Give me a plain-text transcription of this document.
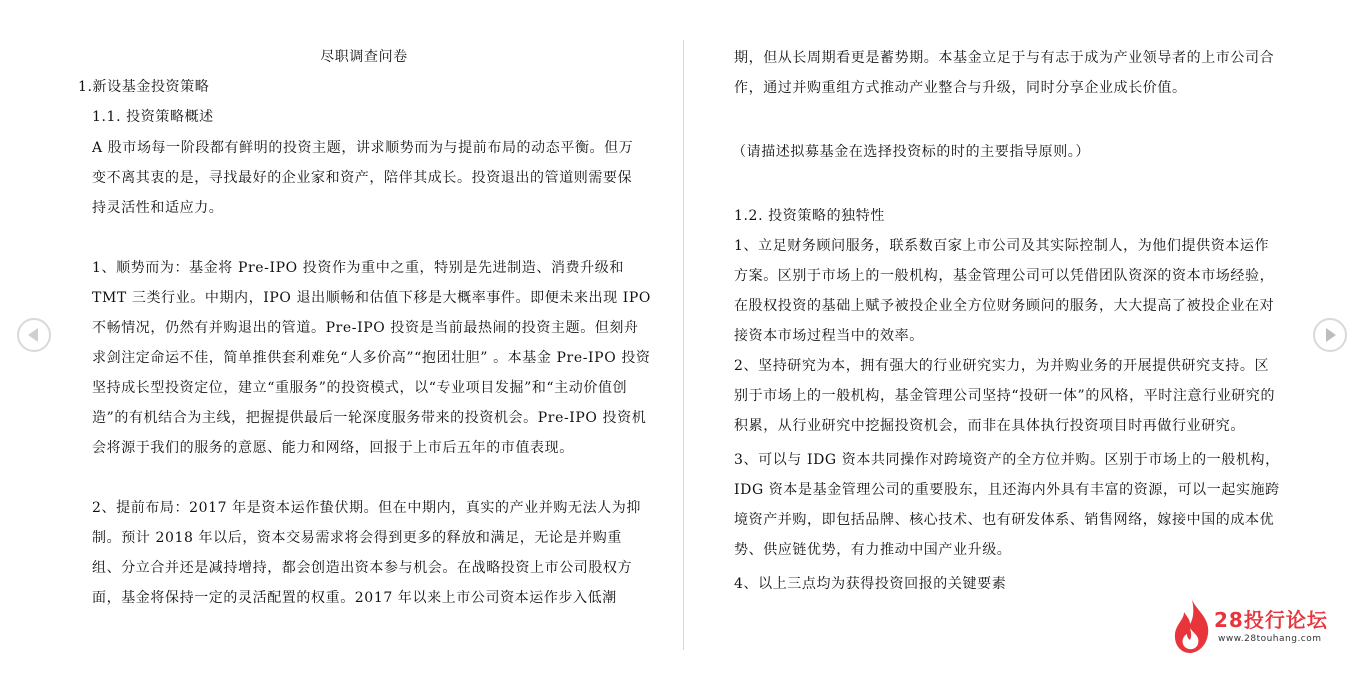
尽职调查问卷
1.新设基金投资策略
1.1. 投资策略概述
A 股市场每一阶段都有鲜明的投资主题，讲求顺势而为与提前布局的动态平衡。但万
变不离其衷的是，寻找最好的企业家和资产，陪伴其成长。投资退出的管道则需要保
持灵活性和适应力。
1、顺势而为：基金将 Pre-IPO 投资作为重中之重，特别是先进制造、消费升级和
TMT 三类行业。中期内，IPO 退出顺畅和估值下移是大概率事件。即便未来出现 IPO
不畅情况，仍然有并购退出的管道。Pre-IPO 投资是当前最热闹的投资主题。但刻舟
求剑注定命运不佳，简单推供套利难免“人多价高”“抱团壮胆” 。本基金 Pre-IPO 投资
坚持成长型投资定位，建立“重服务”的投资模式，以“专业项目发掘”和“主动价值创
造”的有机结合为主线，把握提供最后一轮深度服务带来的投资机会。Pre-IPO 投资机
会将源于我们的服务的意愿、能力和网络，回报于上市后五年的市值表现。
2、提前布局：2017 年是资本运作蛰伏期。但在中期内，真实的产业并购无法人为抑
制。预计 2018 年以后，资本交易需求将会得到更多的释放和满足，无论是并购重
组、分立合并还是减持增持，都会创造出资本参与机会。在战略投资上市公司股权方
面，基金将保持一定的灵活配置的权重。2017 年以来上市公司资本运作步入低潮
期，但从长周期看更是蓄势期。本基金立足于与有志于成为产业领导者的上市公司合
作，通过并购重组方式推动产业整合与升级，同时分享企业成长价值。
（请描述拟募基金在选择投资标的时的主要指导原则。）
1.2. 投资策略的独特性
1、立足财务顾问服务，联系数百家上市公司及其实际控制人，为他们提供资本运作
方案。区别于市场上的一般机构，基金管理公司可以凭借团队资深的资本市场经验，
在股权投资的基础上赋予被投企业全方位财务顾问的服务，大大提高了被投企业在对
接资本市场过程当中的效率。
2、坚持研究为本，拥有强大的行业研究实力，为并购业务的开展提供研究支持。区
别于市场上的一般机构，基金管理公司坚持“投研一体”的风格，平时注意行业研究的
积累，从行业研究中挖掘投资机会，而非在具体执行投资项目时再做行业研究。
3、可以与 IDG 资本共同操作对跨境资产的全方位并购。区别于市场上的一般机构，
IDG 资本是基金管理公司的重要股东，且还海内外具有丰富的资源，可以一起实施跨
境资产并购，即包括品牌、核心技术、也有研发体系、销售网络，嫁接中国的成本优
势、供应链优势，有力推动中国产业升级。
4、以上三点均为获得投资回报的关键要素
28投行论坛
www.28touhang.com
